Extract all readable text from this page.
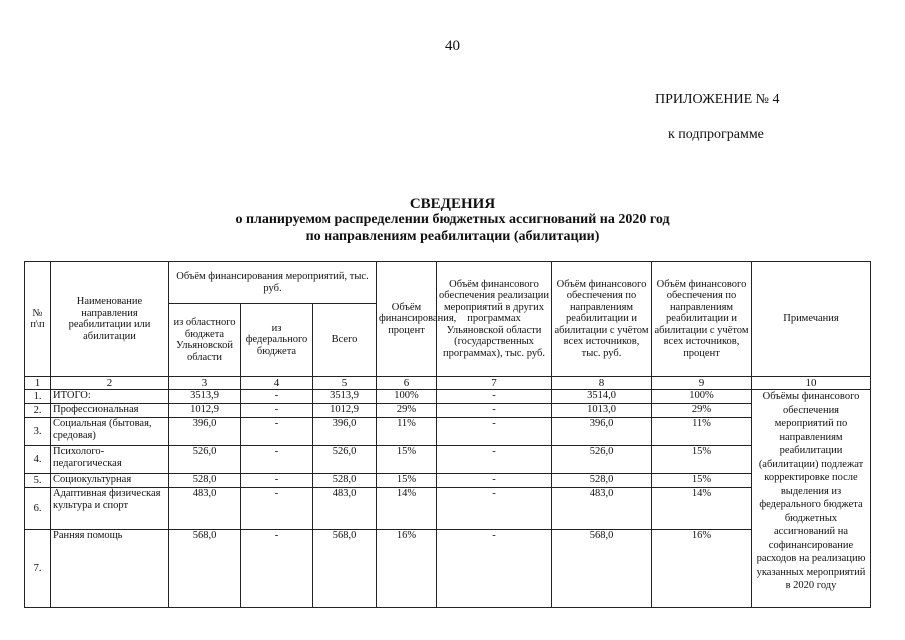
40
ПРИЛОЖЕНИЕ № 4
к подпрограмме
СВЕДЕНИЯ
о планируемом распределении бюджетных ассигнований на 2020 год
по направлениям реабилитации (абилитации)
№ п\п	Наименование направления реабилитации или абилитации	Объём финансирования мероприятий, тыс. руб.			Объём финансирования, процент	Объём финансового обеспечения реализации мероприятий в других программах Ульяновской области (государственных программах), тыс. руб.	Объём финансового обеспечения по направлениям реабилитации и абилитации с учётом всех источников, тыс. руб.	Объём финансового обеспечения по направлениям реабилитации и абилитации с учётом всех источников, процент	Примечания
		из областного бюджета Ульяновской области	из федерального бюджета	Всего					
1	2	3	4	5	6	7	8	9	10
1.	ИТОГО:	3513,9	-	3513,9	100%	-	3514,0	100%	Объёмы финансового обеспечения мероприятий по направлениям реабилитации (абилитации) подлежат корректировке после выделения из федерального бюджета бюджетных ассигнований на софинансирование расходов на реализацию указанных мероприятий в 2020 году
2.	Профессиональная	1012,9	-	1012,9	29%	-	1013,0	29%	
3.	Социальная (бытовая, средовая)	396,0	-	396,0	11%	-	396,0	11%	
4.	Психолого-педагогическая	526,0	-	526,0	15%	-	526,0	15%	
5.	Социокультурная	528,0	-	528,0	15%	-	528,0	15%	
6.	Адаптивная физическая культура и спорт	483,0	-	483,0	14%	-	483,0	14%	
7.	Ранняя помощь	568,0	-	568,0	16%	-	568,0	16%	
